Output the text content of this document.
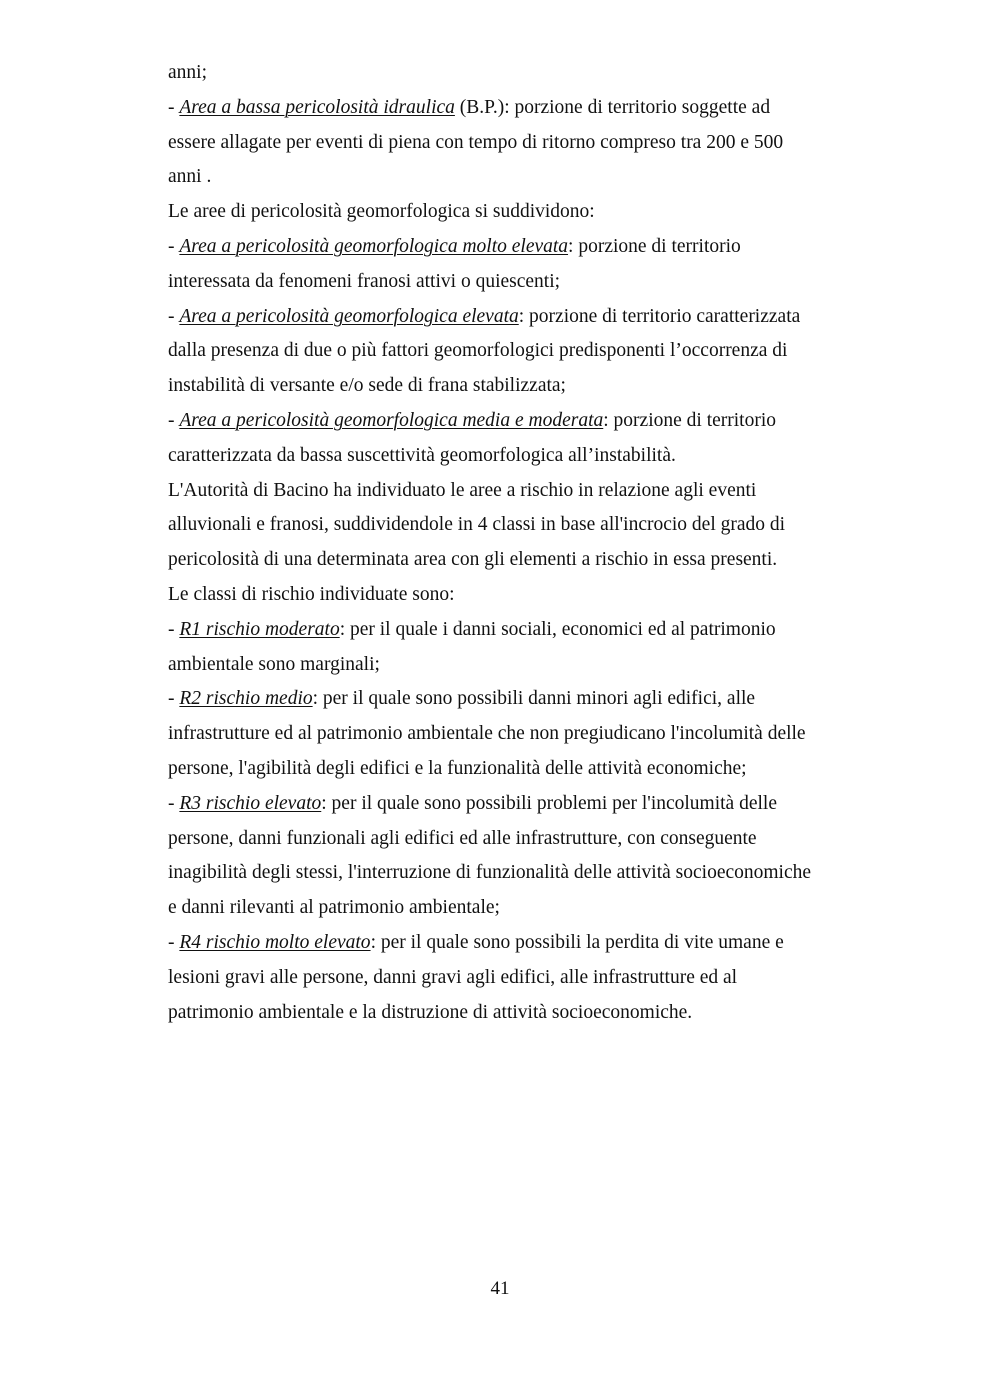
anni;
- Area a bassa pericolosità idraulica (B.P.): porzione di territorio soggette ad
essere allagate per eventi di piena con tempo di ritorno compreso tra 200 e 500
anni .
Le aree di pericolosità geomorfologica si suddividono:
- Area a pericolosità geomorfologica molto elevata: porzione di territorio
interessata da fenomeni franosi attivi o quiescenti;
- Area a pericolosità geomorfologica elevata: porzione di territorio caratterizzata
dalla presenza di due o più fattori geomorfologici predisponenti l’occorrenza di
instabilità di versante e/o sede di frana stabilizzata;
- Area a pericolosità geomorfologica media e moderata: porzione di territorio
caratterizzata da bassa suscettività geomorfologica all’instabilità.
L'Autorità di Bacino ha individuato le aree a rischio in relazione agli eventi
alluvionali e franosi, suddividendole in 4 classi in base all'incrocio del grado di
pericolosità di una determinata area con gli elementi a rischio in essa presenti.
Le classi di rischio individuate sono:
- R1 rischio moderato: per il quale i danni sociali, economici ed al patrimonio
ambientale sono marginali;
- R2 rischio medio: per il quale sono possibili danni minori agli edifici, alle
infrastrutture ed al patrimonio ambientale che non pregiudicano l'incolumità delle
persone, l'agibilità degli edifici e la funzionalità delle attività economiche;
- R3 rischio elevato: per il quale sono possibili problemi per l'incolumità delle
persone, danni funzionali agli edifici ed alle infrastrutture, con conseguente
inagibilità degli stessi, l'interruzione di funzionalità delle attività socioeconomiche
e danni rilevanti al patrimonio ambientale;
- R4 rischio molto elevato: per il quale sono possibili la perdita di vite umane e
lesioni gravi alle persone, danni gravi agli edifici, alle infrastrutture ed al
patrimonio ambientale e la distruzione di attività socioeconomiche.
41
